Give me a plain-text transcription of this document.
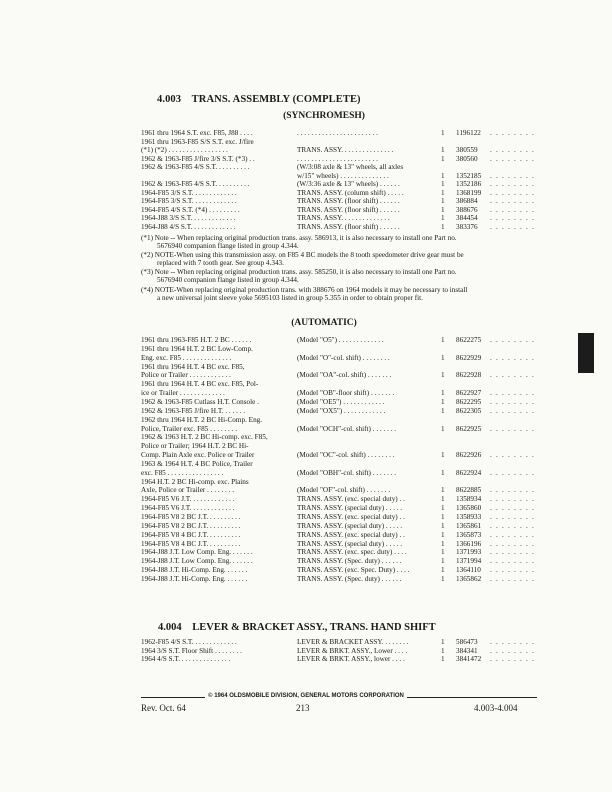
4.003 TRANS. ASSEMBLY (COMPLETE)
(SYNCHROMESH)
1961 thru 1964 S.T. exc. F85, J88 . . . .	. . . . . . . . . . . . . . . . . . . . . . .	1 1196122 . . . . . . . .
1961 thru 1963-F85 S/S S.T. exc. J/fire
(*1) (*2) . . . . . . . . . . . . . . . . .	TRANS. ASSY. . . . . . . . . . . . . . .	1 380559 . . . . . . . .
1962 & 1963-F85 J/fire 3/S S.T. (*3) . .	. . . . . . . . . . . . . . . . . . . . . . .	1 380560 . . . . . . . .
1962 & 1963-F85 4/S S.T. . . . . . . . . .	(W/3:08 axle & 13" wheels, all axles
w/15" wheels) . . . . . . . . . . . . . .	1 1352185 . . . . . . . .
1962 & 1963-F85 4/S S.T. . . . . . . . . .	(W/3:36 axle & 13" wheels) . . . . . .	1 1352186 . . . . . . . .
1964-F85 3/S S.T. . . . . . . . . . . . .	TRANS. ASSY. (column shift) . . . . .	1 1368199 . . . . . . . .
1964-F85 3/S S.T. . . . . . . . . . . . .	TRANS. ASSY. (floor shift) . . . . . .	1 386884 . . . . . . . .
1964-F85 4/S S.T. (*4) . . . . . . . . .	TRANS. ASSY. (floor shift) . . . . . .	1 388676 . . . . . . . .
1964-J88 3/S S.T. . . . . . . . . . . . .	TRANS. ASSY. . . . . . . . . . . . . .	1 384454 . . . . . . . .
1964-J88 4/S S.T. . . . . . . . . . . . .	TRANS. ASSY. (floor shift) . . . . . .	1 383376 . . . . . . . .
(*1) Note -- When replacing original production trans. assy. 586913, it is also necessary to install one Part no.
5676940 companion flange listed in group 4.344.
(*2) NOTE-When using this transmission assy. on F85 4 BC models the 8 tooth speedometer drive gear must be
replaced with 7 tooth gear. See group 4.343.
(*3) Note -- When replacing original production trans. assy. 585250, it is also necessary to install one Part no.
5676940 companion flange listed in group 4.344.
(*4) NOTE-When replacing original production trans. with 388676 on 1964 models it may be necessary to install
a new universal joint sleeve yoke 5695103 listed in group 5.355 in order to obtain proper fit.
(AUTOMATIC)
1961 thru 1963-F85 H.T. 2 BC . . . . . .	(Model "O5") . . . . . . . . . . . . .	1 8622275 . . . . . . . .
1961 thru 1964 H.T. 2 BC Low-Comp.
Eng. exc. F85 . . . . . . . . . . . . . .	(Model "O"-col. shift) . . . . . . . .	1 8622929 . . . . . . . .
1961 thru 1964 H.T. 4 BC exc. F85,
Police or Trailer . . . . . . . . . . . .	(Model "OA"-col. shift) . . . . . . .	1 8622928 . . . . . . . .
1961 thru 1964 H.T. 4 BC exc. F85, Pol-
ice or Trailer . . . . . . . . . . . . .	(Model "OB"-floor shift) . . . . . . .	1 8622927 . . . . . . . .
1962 & 1963-F85 Cutlass H.T. Console .	(Model "OE5") . . . . . . . . . . . .	1 8622295 . . . . . . . .
1962 & 1963-F85 J/fire H.T. . . . . . .	(Model "OX5") . . . . . . . . . . . .	1 8622305 . . . . . . . .
1962 thru 1964 H.T. 2 BC Hi-Comp. Eng.
Police, Trailer exc. F85 . . . . . . . .	(Model "OCH"-col. shift) . . . . . . .	1 8622925 . . . . . . . .
1962 & 1963 H.T. 2 BC Hi-comp. exc. F85,
Police or Trailer; 1964 H.T. 2 BC Hi-
Comp. Plain Axle exc. Police or Trailer	(Model "OC"-col. shift) . . . . . . . .	1 8622926 . . . . . . . .
1963 & 1964 H.T. 4 BC Police, Trailer
exc. F85 . . . . . . . . . . . . . . . .	(Model "OBH"-col. shift) . . . . . . .	1 8622924 . . . . . . . .
1964 H.T. 2 BC Hi-comp. exc. Plains
Axle, Police or Trailer . . . . . . . .	(Model "OF"-col. shift) . . . . . . .	1 8622885 . . . . . . . .
1964-F85 V6 J.T. . . . . . . . . . . . .	TRANS. ASSY. (exc. special duty) . .	1 1358934 . . . . . . . .
1964-F85 V6 J.T. . . . . . . . . . . . .	TRANS. ASSY. (special duty) . . . . .	1 1365860 . . . . . . . .
1964-F85 V8 2 BC J.T. . . . . . . . . .	TRANS. ASSY. (exc. special duty) . .	1 1358933 . . . . . . . .
1964-F85 V8 2 BC J.T. . . . . . . . . .	TRANS. ASSY. (special duty) . . . . .	1 1365861 . . . . . . . .
1964-F85 V8 4 BC J.T. . . . . . . . . .	TRANS. ASSY. (exc. special duty) . .	1 1365873 . . . . . . . .
1964-F85 V8 4 BC J.T. . . . . . . . . .	TRANS. ASSY. (special duty) . . . . .	1 1366196 . . . . . . . .
1964-J88 J.T. Low Comp. Eng. . . . . . .	TRANS. ASSY. (exc. spec. duty) . . . .	1 1371993 . . . . . . . .
1964-J88 J.T. Low Comp. Eng. . . . . . .	TRANS. ASSY. (Spec. duty) . . . . . .	1 1371994 . . . . . . . .
1964-J88 J.T. Hi-Comp. Eng. . . . . . .	TRANS. ASSY. (exc. Spec. Duty) . . . .	1 1364110 . . . . . . . .
1964-J88 J.T. Hi-Comp. Eng. . . . . . .	TRANS. ASSY. (Spec. duty) . . . . . .	1 1365862 . . . . . . . .
4.004 LEVER & BRACKET ASSY., TRANS. HAND SHIFT
1962-F85 4/S S.T. . . . . . . . . . . . .	LEVER & BRACKET ASSY. . . . . . . .	1 586473 . . . . . . . .
1964 3/S S.T. Floor Shift . . . . . . . .	LEVER & BRKT. ASSY., Lower . . . .	1 384341 . . . . . . . .
1964 4/S S.T. . . . . . . . . . . . . . .	LEVER & BRKT. ASSY., lower . . . .	1 3841472 . . . . . . . .
© 1964 OLDSMOBILE DIVISION, GENERAL MOTORS CORPORATION
Rev. Oct. 64	213	4.003-4.004
